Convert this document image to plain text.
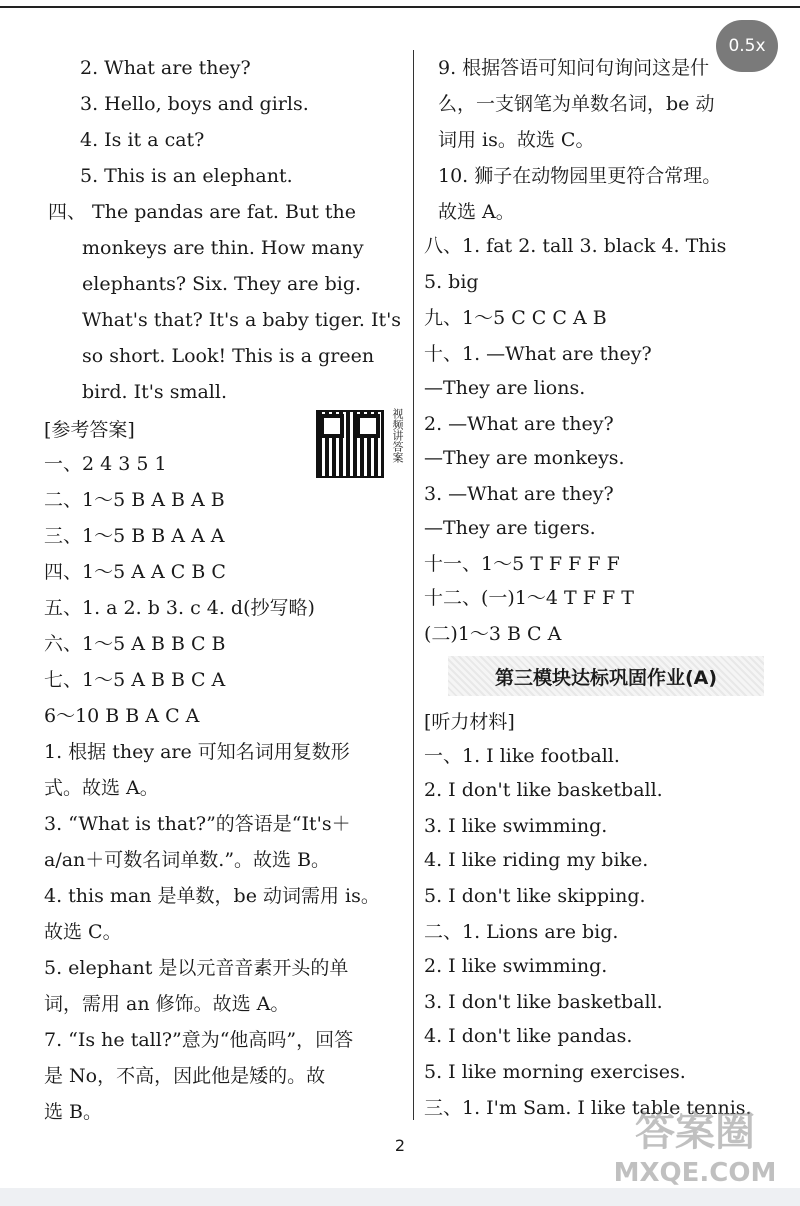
0.5x
2. What are they?
3. Hello, boys and girls.
4. Is it a cat?
5. This is an elephant.
四、 The pandas are fat. But the
monkeys are thin. How many
elephants? Six. They are big.
What's that? It's a baby tiger. It's
so short. Look! This is a green
bird. It's small.
[参考答案]
一、2 4 3 5 1
二、1～5 B A B A B
三、1～5 B B A A A
四、1～5 A A C B C
五、1. a 2. b 3. c 4. d(抄写略)
六、1～5 A B B C B
七、1～5 A B B C A
6～10 B B A C A
1. 根据 they are 可知名词用复数形
式。故选 A。
3. “What is that?”的答语是“It's＋
a/an＋可数名词单数.”。故选 B。
4. this man 是单数，be 动词需用 is。
故选 C。
5. elephant 是以元音音素开头的单
词，需用 an 修饰。故选 A。
7. “Is he tall?”意为“他高吗”，回答
是 No，不高，因此他是矮的。故
选 B。
视频讲答案
9. 根据答语可知问句询问这是什
么，一支钢笔为单数名词，be 动
词用 is。故选 C。
10. 狮子在动物园里更符合常理。
故选 A。
八、1. fat 2. tall 3. black 4. This
5. big
九、1～5 C C C A B
十、1. —What are they?
—They are lions.
2. —What are they?
—They are monkeys.
3. —What are they?
—They are tigers.
十一、1～5 T F F F F
十二、(一)1～4 T F F T
(二)1～3 B C A
[听力材料]
一、1. I like football.
2. I don't like basketball.
3. I like swimming.
4. I like riding my bike.
5. I don't like skipping.
二、1. Lions are big.
2. I like swimming.
3. I don't like basketball.
4. I don't like pandas.
5. I like morning exercises.
三、1. I'm Sam. I like table tennis.
第三模块达标巩固作业(A)
2	答案圈
MXQE.COM
